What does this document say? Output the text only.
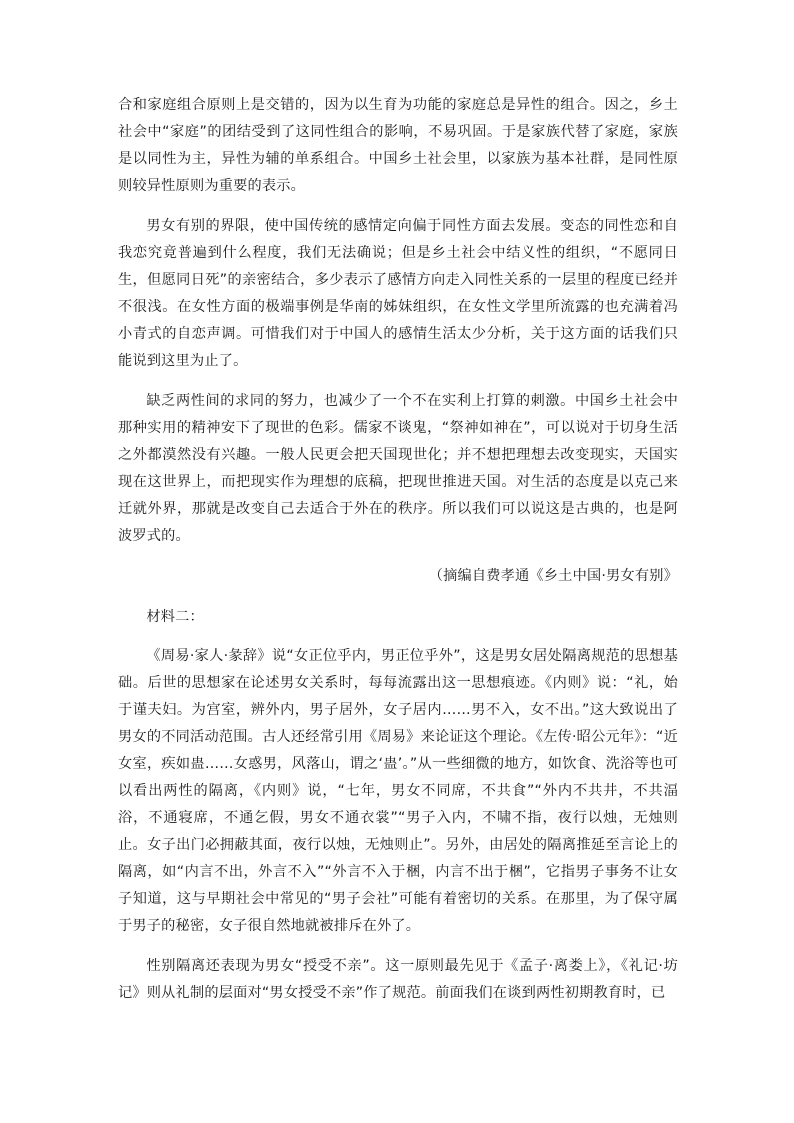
合和家庭组合原则上是交错的，因为以生育为功能的家庭总是异性的组合。因之，乡土社会中“家庭”的团结受到了这同性组合的影响，不易巩固。于是家族代替了家庭，家族是以同性为主，异性为辅的单系组合。中国乡土社会里，以家族为基本社群，是同性原则较异性原则为重要的表示。

男女有别的界限，使中国传统的感情定向偏于同性方面去发展。变态的同性恋和自我恋究竟普遍到什么程度，我们无法确说；但是乡土社会中结义性的组织，“不愿同日生，但愿同日死”的亲密结合，多少表示了感情方向走入同性关系的一层里的程度已经并不很浅。在女性方面的极端事例是华南的姊妹组织，在女性文学里所流露的也充满着冯小青式的自恋声调。可惜我们对于中国人的感情生活太少分析，关于这方面的话我们只能说到这里为止了。

缺乏两性间的求同的努力，也减少了一个不在实利上打算的刺激。中国乡土社会中那种实用的精神安下了现世的色彩。儒家不谈鬼，“祭神如神在”，可以说对于切身生活之外都漠然没有兴趣。一般人民更会把天国现世化；并不想把理想去改变现实，天国实现在这世界上，而把现实作为理想的底稿，把现世推进天国。对生活的态度是以克己来迁就外界，那就是改变自己去适合于外在的秩序。所以我们可以说这是古典的，也是阿波罗式的。

（摘编自费孝通《乡土中国·男女有别》

材料二：

《周易·家人·彖辞》说“女正位乎内，男正位乎外”，这是男女居处隔离规范的思想基础。后世的思想家在论述男女关系时，每每流露出这一思想痕迹。《内则》说：“礼，始于谨夫妇。为宫室，辨外内，男子居外，女子居内……男不入，女不出。”这大致说出了男女的不同活动范围。古人还经常引用《周易》来论证这个理论。《左传·昭公元年》：“近女室，疾如蛊……女惑男，风落山，谓之‘蛊’。”从一些细微的地方，如饮食、洗浴等也可以看出两性的隔离，《内则》说，“七年，男女不同席，不共食”“外内不共井，不共湢浴，不通寝席，不通乞假，男女不通衣裳”“男子入内，不啸不指，夜行以烛，无烛则止。女子出门必拥蔽其面，夜行以烛，无烛则止”。另外，由居处的隔离推延至言论上的隔离，如“内言不出，外言不入”“外言不入于梱，内言不出于梱”，它指男子事务不让女子知道，这与早期社会中常见的“男子会社”可能有着密切的关系。在那里，为了保守属于男子的秘密，女子很自然地就被排斥在外了。

性别隔离还表现为男女“授受不亲”。这一原则最先见于《孟子·离娄上》，《礼记·坊记》则从礼制的层面对“男女授受不亲”作了规范。前面我们在谈到两性初期教育时，已
